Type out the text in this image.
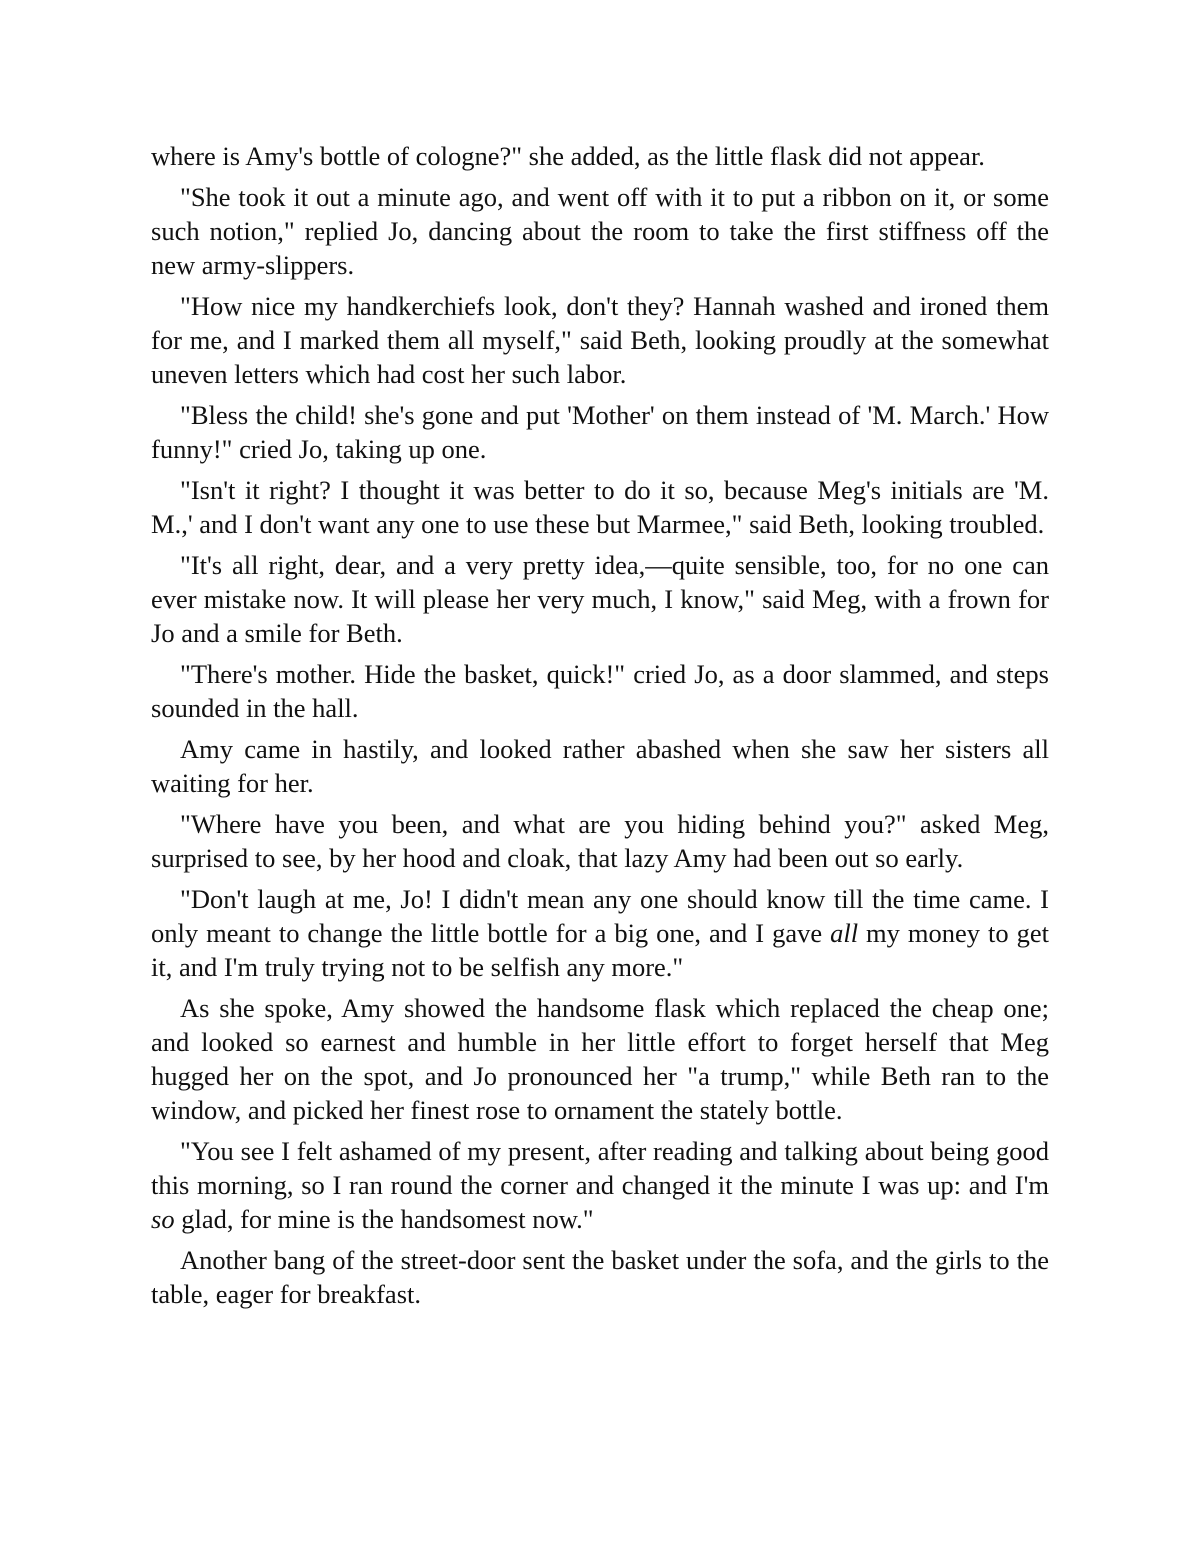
where is Amy's bottle of cologne?" she added, as the little flask did not appear.

"She took it out a minute ago, and went off with it to put a ribbon on it, or some such notion," replied Jo, dancing about the room to take the first stiffness off the new army-slippers.

"How nice my handkerchiefs look, don't they? Hannah washed and ironed them for me, and I marked them all myself," said Beth, looking proudly at the somewhat uneven letters which had cost her such labor.

"Bless the child! she's gone and put 'Mother' on them instead of 'M. March.' How funny!" cried Jo, taking up one.

"Isn't it right? I thought it was better to do it so, because Meg's initials are 'M. M.,' and I don't want any one to use these but Marmee," said Beth, looking troubled.

"It's all right, dear, and a very pretty idea,—quite sensible, too, for no one can ever mistake now. It will please her very much, I know," said Meg, with a frown for Jo and a smile for Beth.

"There's mother. Hide the basket, quick!" cried Jo, as a door slammed, and steps sounded in the hall.

Amy came in hastily, and looked rather abashed when she saw her sisters all waiting for her.

"Where have you been, and what are you hiding behind you?" asked Meg, surprised to see, by her hood and cloak, that lazy Amy had been out so early.

"Don't laugh at me, Jo! I didn't mean any one should know till the time came. I only meant to change the little bottle for a big one, and I gave all my money to get it, and I'm truly trying not to be selfish any more."

As she spoke, Amy showed the handsome flask which replaced the cheap one; and looked so earnest and humble in her little effort to forget herself that Meg hugged her on the spot, and Jo pronounced her "a trump," while Beth ran to the window, and picked her finest rose to ornament the stately bottle.

"You see I felt ashamed of my present, after reading and talking about being good this morning, so I ran round the corner and changed it the minute I was up: and I'm so glad, for mine is the handsomest now."

Another bang of the street-door sent the basket under the sofa, and the girls to the table, eager for breakfast.
